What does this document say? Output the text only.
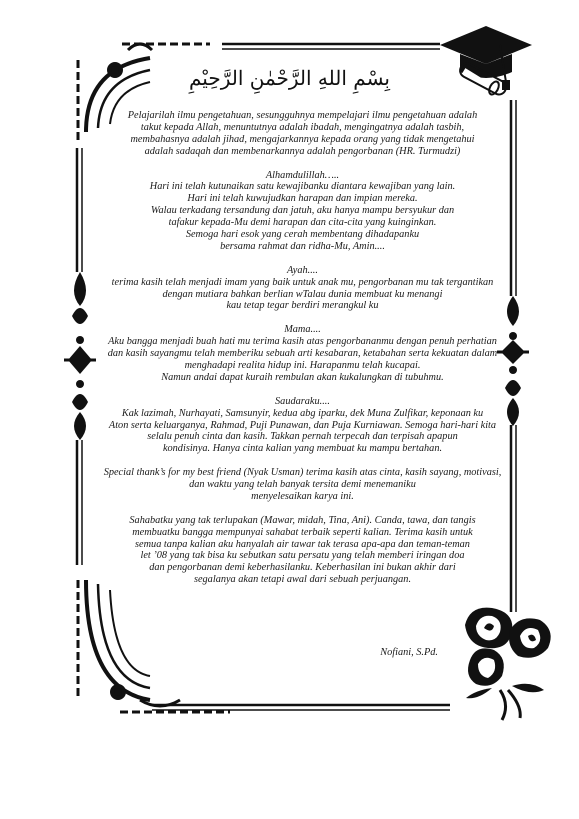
بِسْمِ اللهِ الرَّحْمٰنِ الرَّحِيْمِ
Pelajarilah ilmu pengetahuan, sesungguhnya mempelajari ilmu pengetahuan adalah
takut kepada Allah, menuntutnya adalah ibadah, mengingatnya adalah tasbih,
membahasnya adalah jihad, mengajarkannya kepada orang yang tidak mengetahui
adalah sadaqah dan membenarkannya adalah pengorbanan (HR. Turmudzi)
Alhamdulillah…..
Hari ini telah kutunaikan satu kewajibanku diantara kewajiban yang lain.
Hari ini telah kuwujudkan harapan dan impian mereka.
Walau terkadang tersandung dan jatuh, aku hanya mampu bersyukur dan
tafakur kepada-Mu demi harapan dan cita-cita yang kuinginkan.
Semoga hari esok yang cerah membentang dihadapanku
bersama rahmat dan ridha-Mu, Amin....
Ayah....
terima kasih telah menjadi imam yang baik untuk anak mu, pengorbanan mu tak tergantikan
dengan mutiara bahkan berlian wTalau dunia membuat ku menangi
kau tetap tegar berdiri merangkul ku
Mama....
Aku bangga menjadi buah hati mu terima kasih atas pengorbananmu dengan penuh perhatian
dan kasih sayangmu telah memberiku sebuah arti kesabaran, ketabahan serta kekuatan dalam
menghadapi realita hidup ini. Harapanmu telah kucapai.
Namun andai dapat kuraih rembulan akan kukalungkan di tubuhmu.
Saudaraku....
Kak lazimah, Nurhayati, Samsunyir, kedua abg iparku, dek Muna Zulfikar, keponaan ku
Aton serta keluarganya, Rahmad, Puji Punawan, dan Puja Kurniawan. Semoga hari-hari kita
selalu penuh cinta dan kasih. Takkan pernah terpecah dan terpisah apapun
kondisinya. Hanya cinta kalian yang membuat ku mampu bertahan.
Special thank’s for my best friend (Nyak Usman) terima kasih atas cinta, kasih sayang, motivasi,
dan waktu yang telah banyak tersita demi menemaniku
menyelesaikan karya ini.
Sahabatku yang tak terlupakan (Mawar, midah, Tina, Ani). Canda, tawa, dan tangis
membuatku bangga mempunyai sahabat terbaik seperti kalian. Terima kasih untuk
semua tanpa kalian aku hanyalah air tawar tak terasa apa-apa dan teman-teman
let ’08 yang tak bisa ku sebutkan satu persatu yang telah memberi iringan doa
dan pengorbanan demi keberhasilanku. Keberhasilan ini bukan akhir dari
segalanya akan tetapi awal dari sebuah perjuangan.
Nofiani, S.Pd.
